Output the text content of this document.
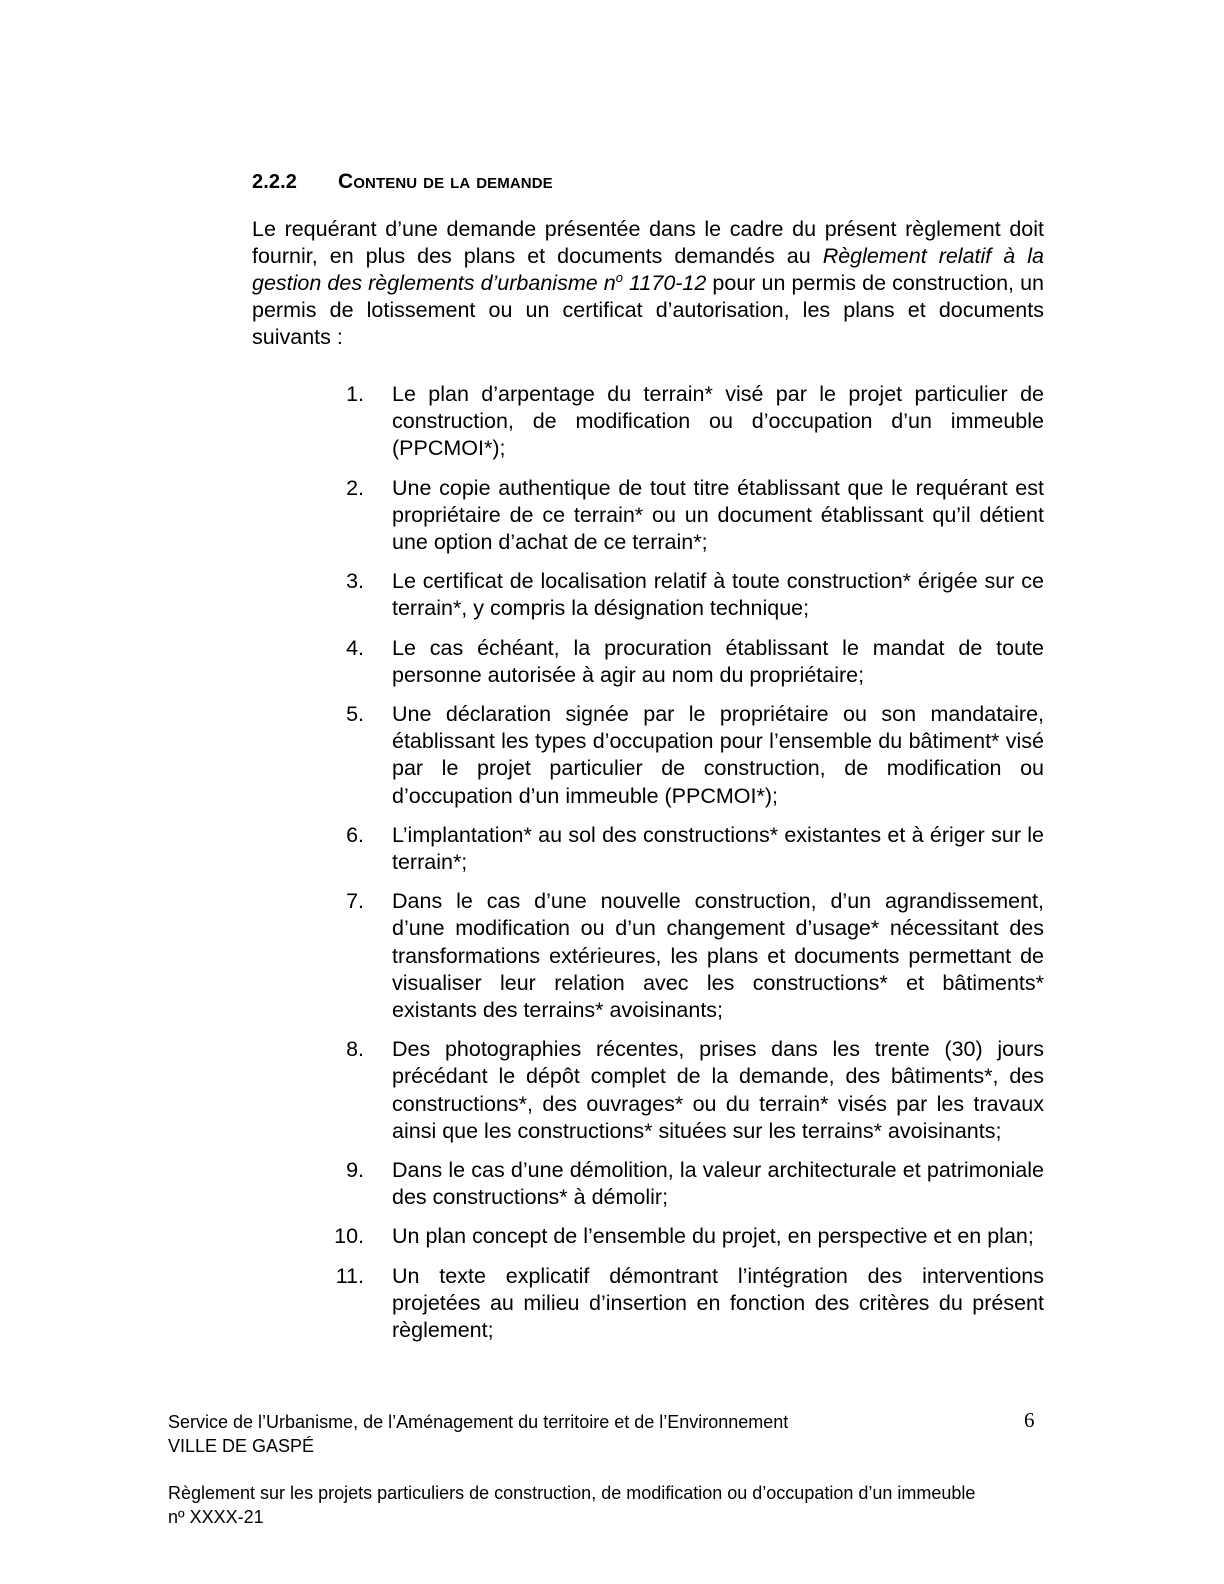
2.2.2 Contenu de la demande

Le requérant d’une demande présentée dans le cadre du présent règlement doit fournir, en plus des plans et documents demandés au Règlement relatif à la gestion des règlements d’urbanisme $n^o$ 1170-12 pour un permis de construction, un permis de lotissement ou un certificat d’autorisation, les plans et documents suivants :

1.	Le plan d’arpentage du terrain* visé par le projet particulier de construction, de modification ou d’occupation d’un immeuble (PPCMOI*);
2.	Une copie authentique de tout titre établissant que le requérant est propriétaire de ce terrain* ou un document établissant qu’il détient une option d’achat de ce terrain*;
3.	Le certificat de localisation relatif à toute construction* érigée sur ce terrain*, y compris la désignation technique;
4.	Le cas échéant, la procuration établissant le mandat de toute personne autorisée à agir au nom du propriétaire;
5.	Une déclaration signée par le propriétaire ou son mandataire, établissant les types d’occupation pour l’ensemble du bâtiment* visé par le projet particulier de construction, de modification ou d’occupation d’un immeuble (PPCMOI*);
6.	L’implantation* au sol des constructions* existantes et à ériger sur le terrain*;
7.	Dans le cas d’une nouvelle construction, d’un agrandissement, d’une modification ou d’un changement d’usage* nécessitant des transformations extérieures, les plans et documents permettant de visualiser leur relation avec les constructions* et bâtiments* existants des terrains* avoisinants;
8.	Des photographies récentes, prises dans les trente (30) jours précédant le dépôt complet de la demande, des bâtiments*, des constructions*, des ouvrages* ou du terrain* visés par les travaux ainsi que les constructions* situées sur les terrains* avoisinants;
9.	Dans le cas d’une démolition, la valeur architecturale et patrimoniale des constructions* à démolir;
10.	Un plan concept de l’ensemble du projet, en perspective et en plan;
11.	Un texte explicatif démontrant l’intégration des interventions projetées au milieu d’insertion en fonction des critères du présent règlement;

Service de l’Urbanisme, de l’Aménagement du territoire et de l’Environnement

VILLE DE GASPÉ

6

Règlement sur les projets particuliers de construction, de modification ou d’occupation d’un immeuble nº XXXX-21
